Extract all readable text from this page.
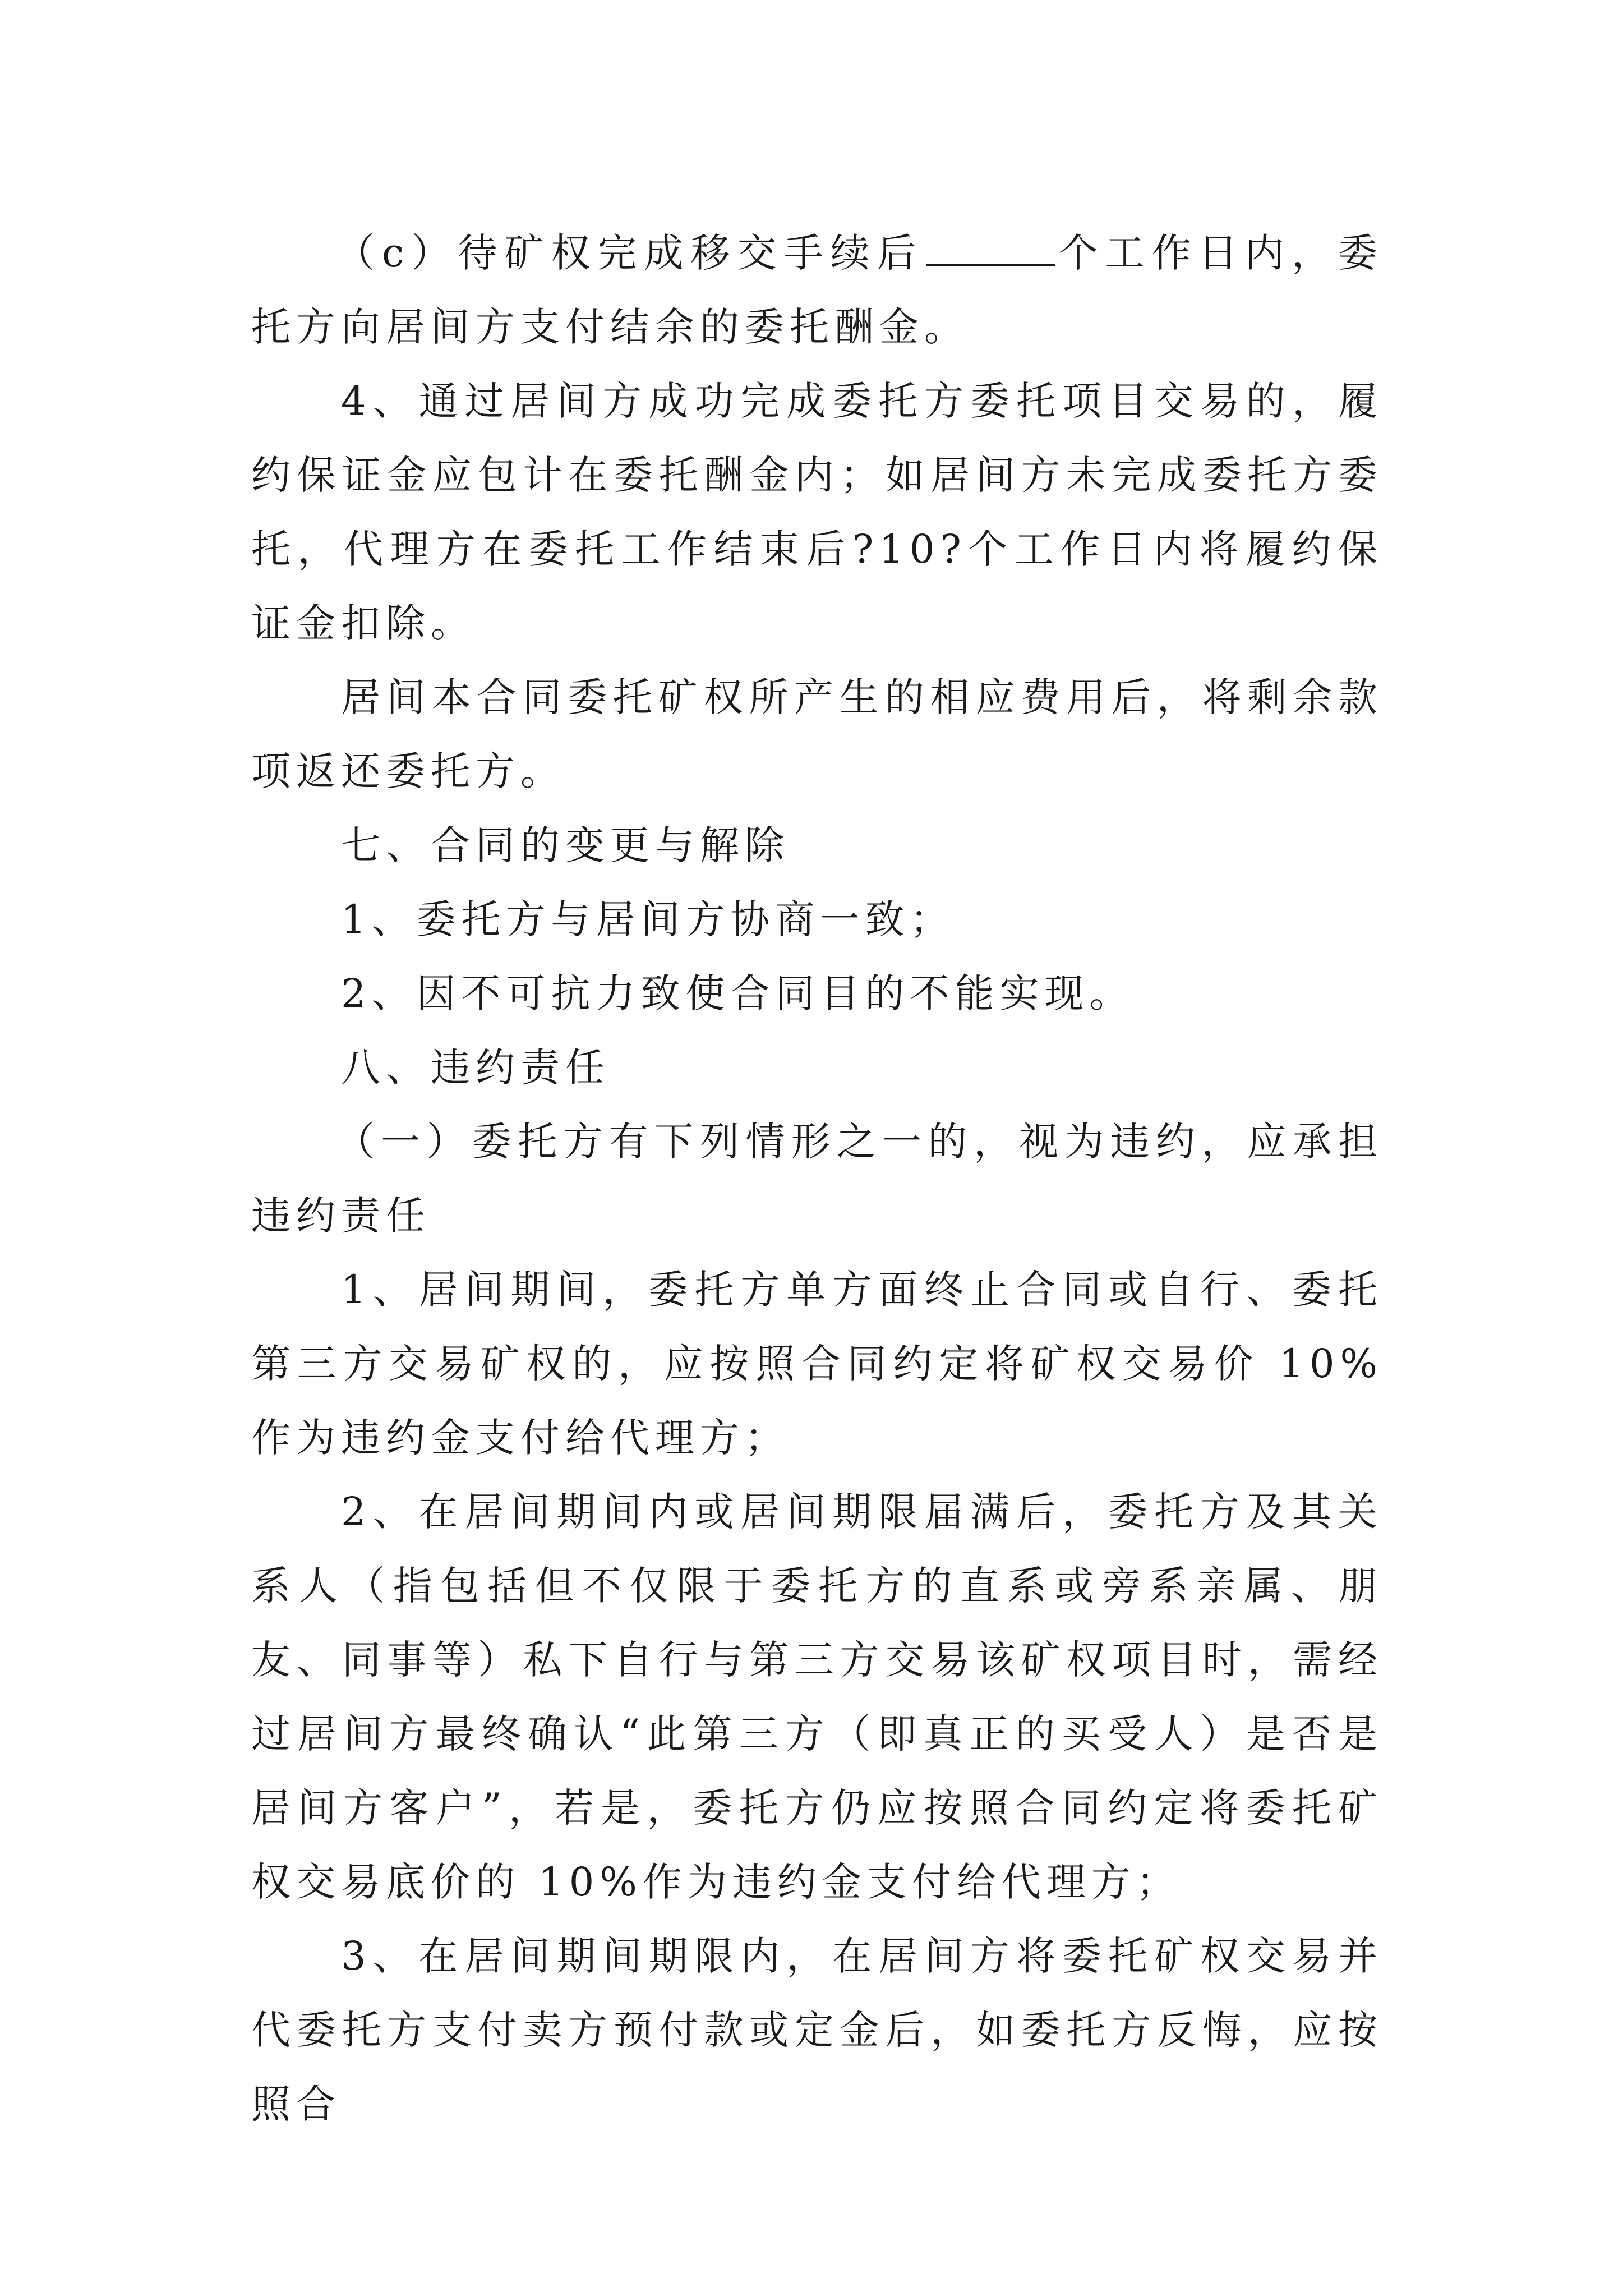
（c）待矿权完成移交手续后	个工作日内，委托方向居间方支付结余的委托酬金。

4、通过居间方成功完成委托方委托项目交易的，履约保证金应包计在委托酬金内；如居间方未完成委托方委托，代理方在委托工作结束后?10?个工作日内将履约保证金扣除。

居间本合同委托矿权所产生的相应费用后，将剩余款项返还委托方。

七、合同的变更与解除

1、委托方与居间方协商一致；

2、因不可抗力致使合同目的不能实现。

八、违约责任

（一）委托方有下列情形之一的，视为违约，应承担违约责任

1、居间期间，委托方单方面终止合同或自行、委托第三方交易矿权的，应按照合同约定将矿权交易价 10%作为违约金支付给代理方；

2、在居间期间内或居间期限届满后，委托方及其关系人（指包括但不仅限于委托方的直系或旁系亲属、朋友、同事等）私下自行与第三方交易该矿权项目时，需经过居间方最终确认“此第三方（即真正的买受人）是否是居间方客户”，若是，委托方仍应按照合同约定将委托矿权交易底价的 10%作为违约金支付给代理方；

3、在居间期间期限内，在居间方将委托矿权交易并代委托方支付卖方预付款或定金后，如委托方反悔，应按照合
